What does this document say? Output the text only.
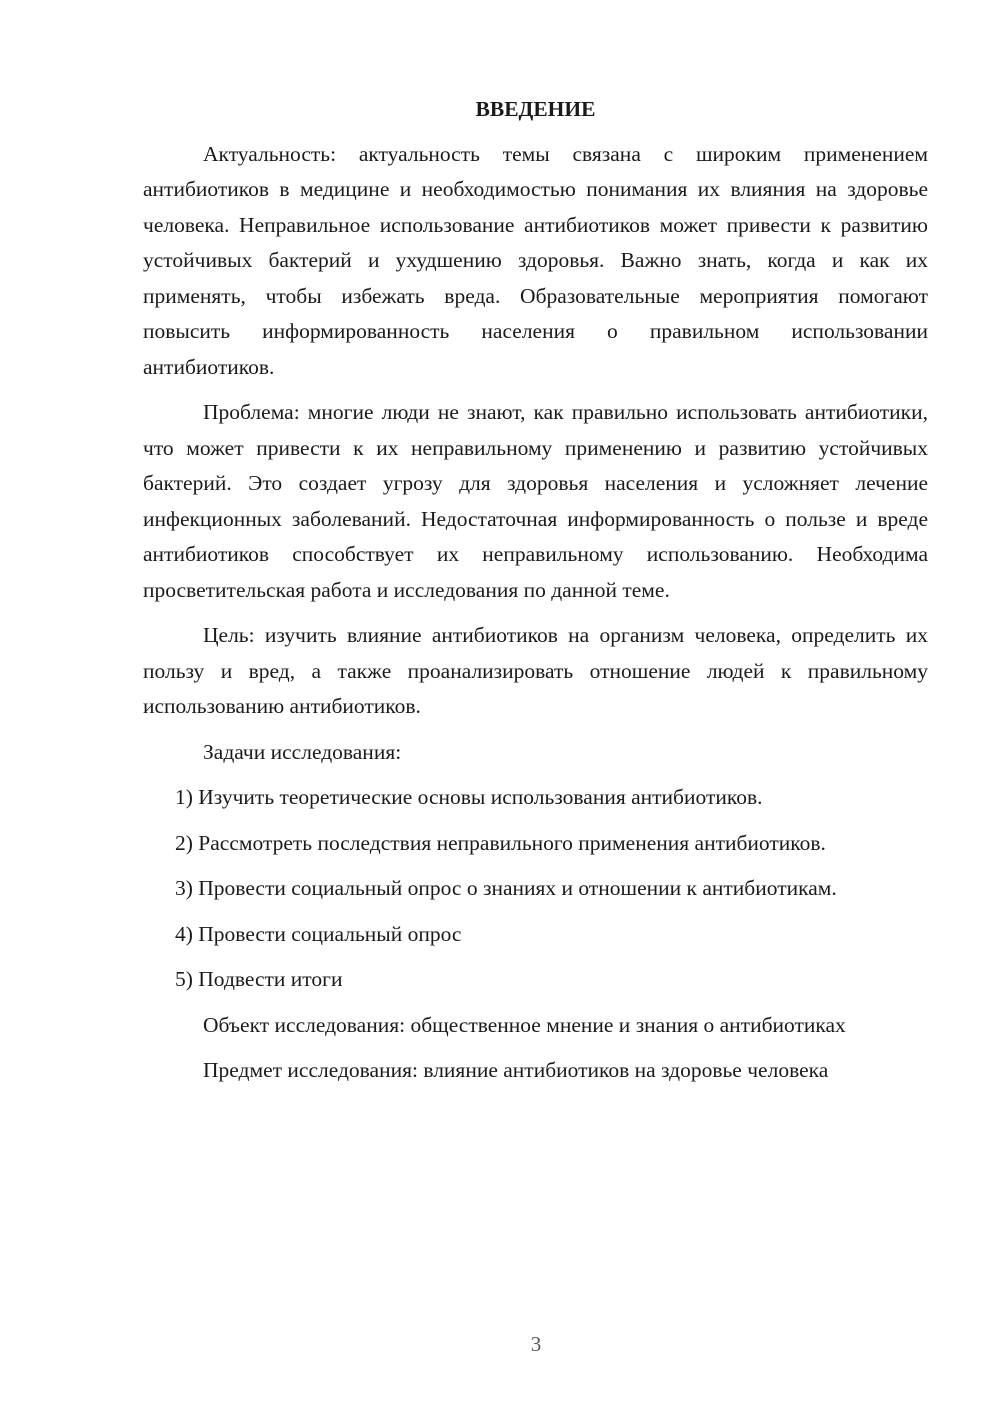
ВВЕДЕНИЕ

Актуальность: актуальность темы связана с широким применением антибиотиков в медицине и необходимостью понимания их влияния на здоровье человека. Неправильное использование антибиотиков может привести к развитию устойчивых бактерий и ухудшению здоровья. Важно знать, когда и как их применять, чтобы избежать вреда. Образовательные мероприятия помогают повысить информированность населения о правильном использовании антибиотиков.

Проблема: многие люди не знают, как правильно использовать антибиотики, что может привести к их неправильному применению и развитию устойчивых бактерий. Это создает угрозу для здоровья населения и усложняет лечение инфекционных заболеваний. Недостаточная информированность о пользе и вреде антибиотиков способствует их неправильному использованию. Необходима просветительская работа и исследования по данной теме.

Цель: изучить влияние антибиотиков на организм человека, определить их пользу и вред, а также проанализировать отношение людей к правильному использованию антибиотиков.

Задачи исследования:

1) Изучить теоретические основы использования антибиотиков.
2) Рассмотреть последствия неправильного применения антибиотиков.
3) Провести социальный опрос о знаниях и отношении к антибиотикам.
4) Провести социальный опрос
5) Подвести итоги

Объект исследования: общественное мнение и знания о антибиотиках

Предмет исследования: влияние антибиотиков на здоровье человека

3
